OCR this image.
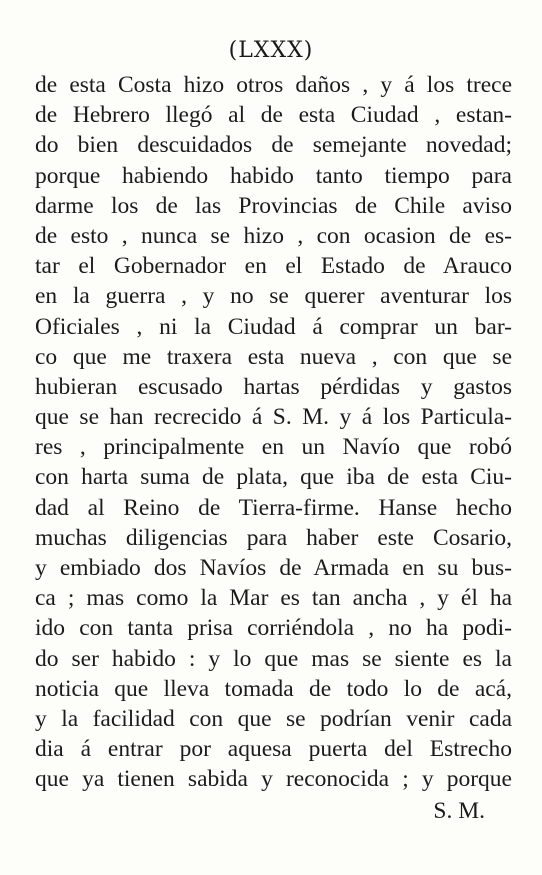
(LXXX)
de esta Costa hizo otros daños , y á los trece
de Hebrero llegó al de esta Ciudad , estan-
do bien descuidados de semejante novedad;
porque habiendo habido tanto tiempo para
darme los de las Provincias de Chile aviso
de esto , nunca se hizo , con ocasion de es-
tar el Gobernador en el Estado de Arauco
en la guerra , y no se querer aventurar los
Oficiales , ni la Ciudad á comprar un bar-
co que me traxera esta nueva , con que se
hubieran escusado hartas pérdidas y gastos
que se han recrecido á S. M. y á los Particula-
res , principalmente en un Navío que robó
con harta suma de plata, que iba de esta Ciu-
dad al Reino de Tierra-firme. Hanse hecho
muchas diligencias para haber este Cosario,
y embiado dos Navíos de Armada en su bus-
ca ; mas como la Mar es tan ancha , y él ha
ido con tanta prisa corriéndola , no ha podi-
do ser habido : y lo que mas se siente es la
noticia que lleva tomada de todo lo de acá,
y la facilidad con que se podrían venir cada
dia á entrar por aquesa puerta del Estrecho
que ya tienen sabida y reconocida ; y porque
S. M.
